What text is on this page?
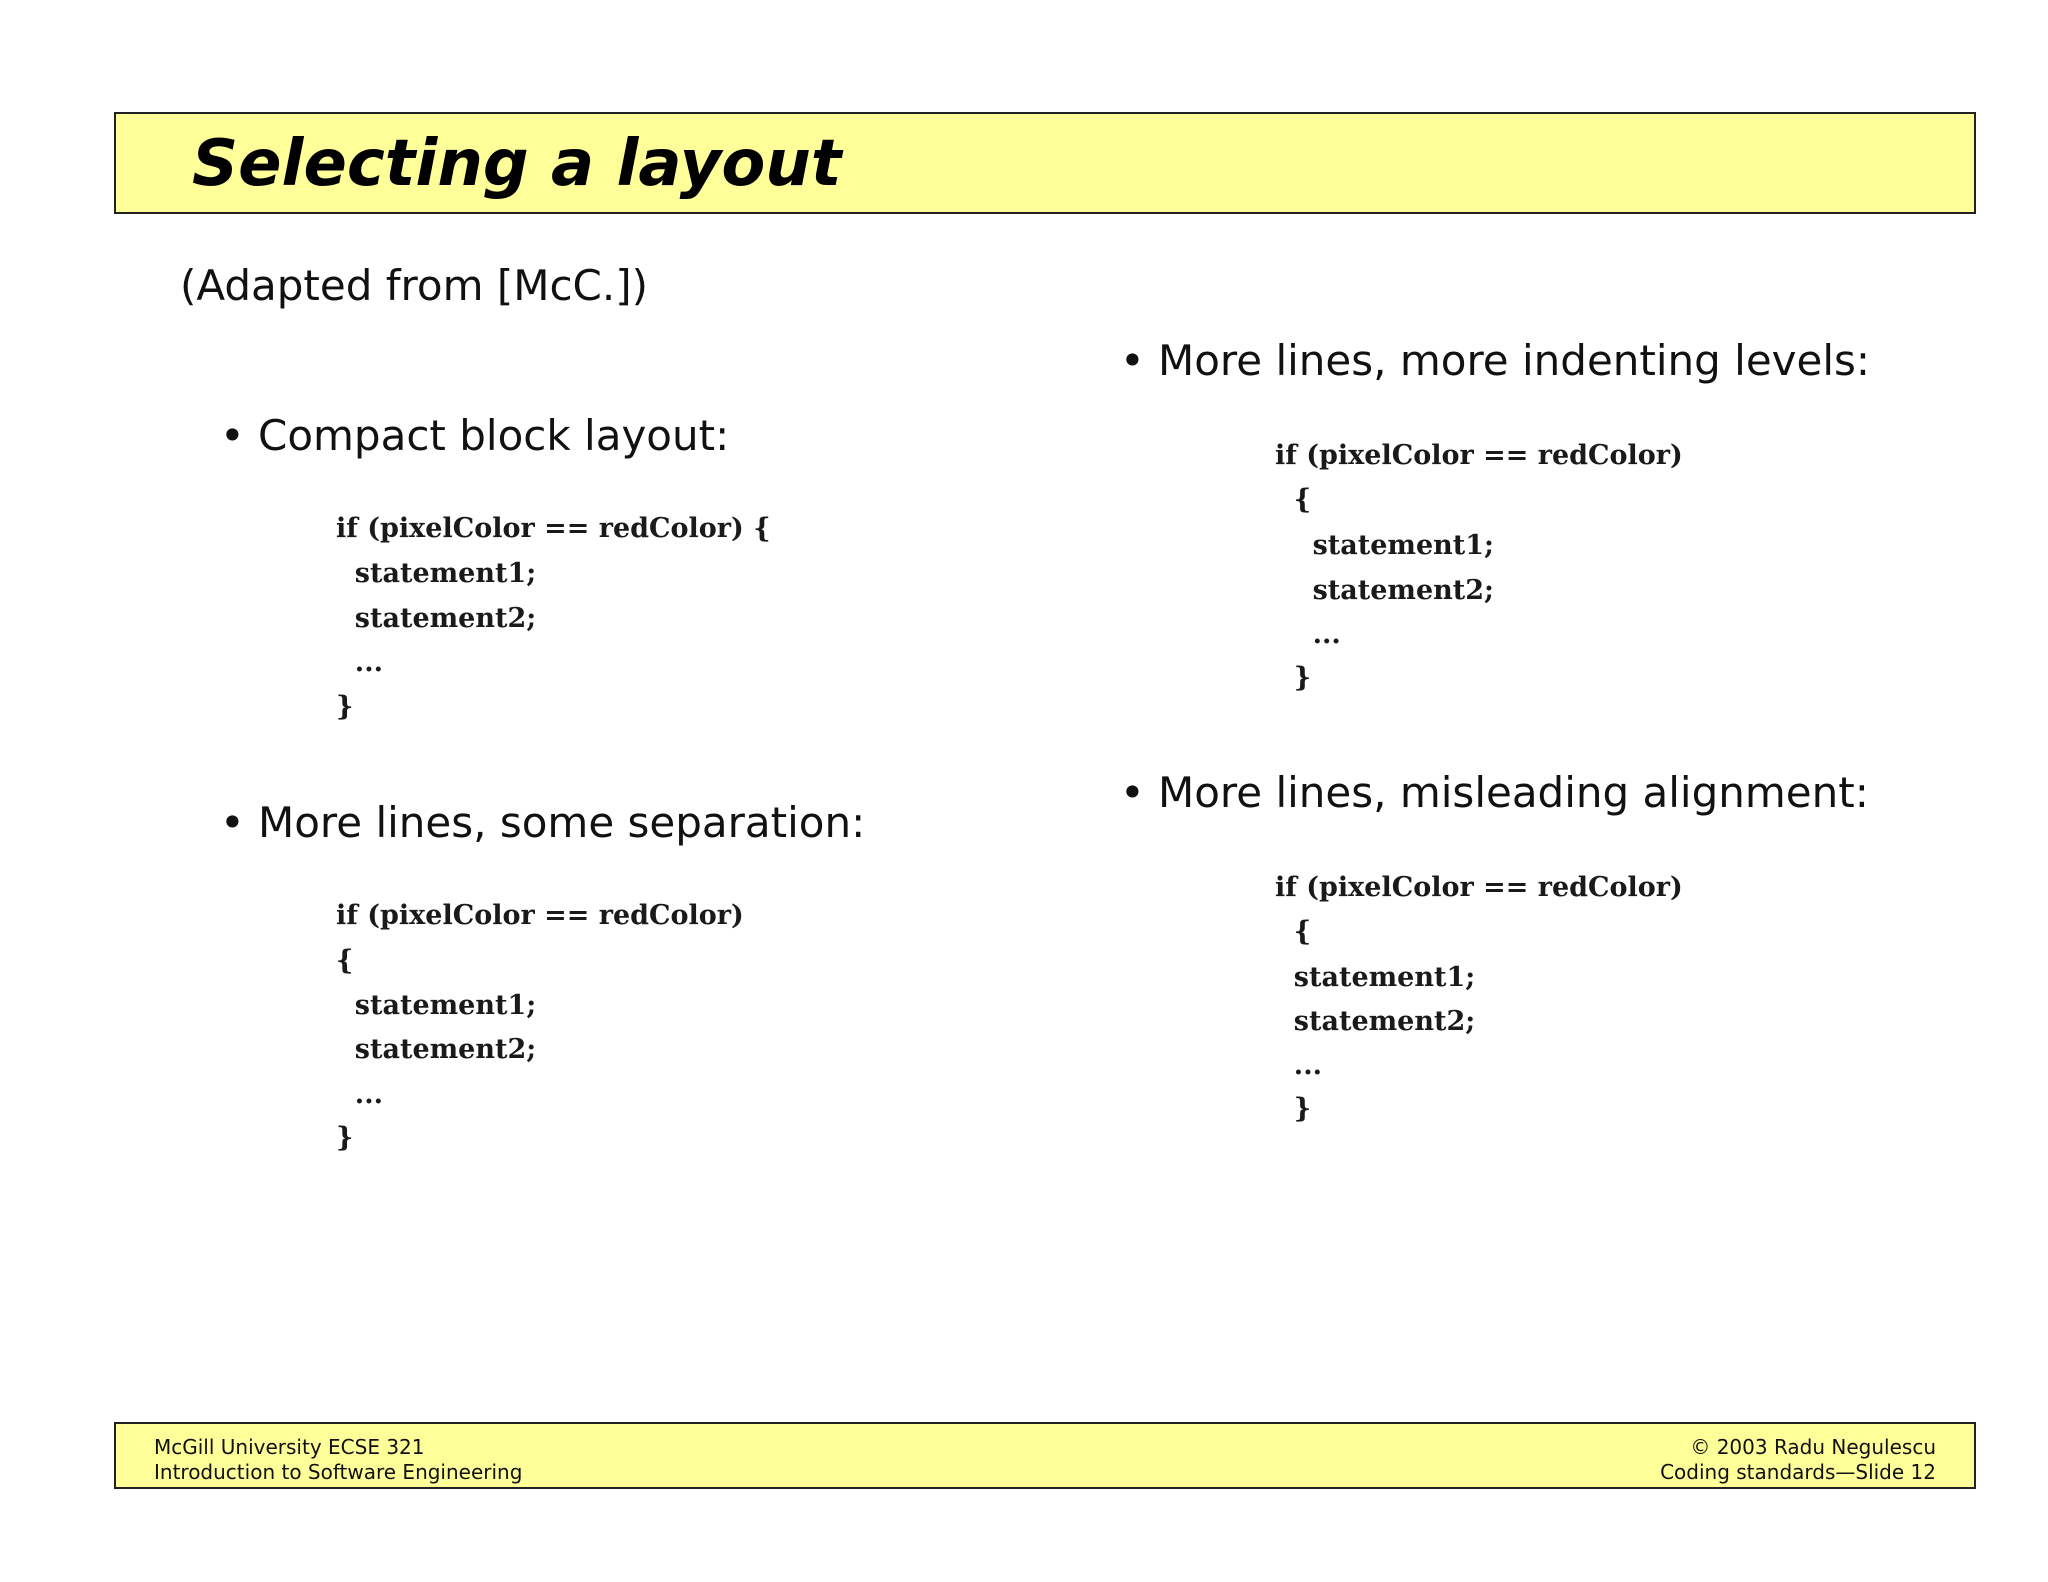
Selecting a layout
(Adapted from [McC.])
• Compact block layout:
if (pixelColor == redColor) {
statement1;
statement2;
...
}
• More lines, some separation:
if (pixelColor == redColor)
{
statement1;
statement2;
...
}
• More lines, more indenting levels:
if (pixelColor == redColor)
{
statement1;
statement2;
...
}
• More lines, misleading alignment:
if (pixelColor == redColor)
{
statement1;
statement2;
...
}
McGill University ECSE 321
Introduction to Software Engineering
© 2003 Radu Negulescu
Coding standards—Slide 12
